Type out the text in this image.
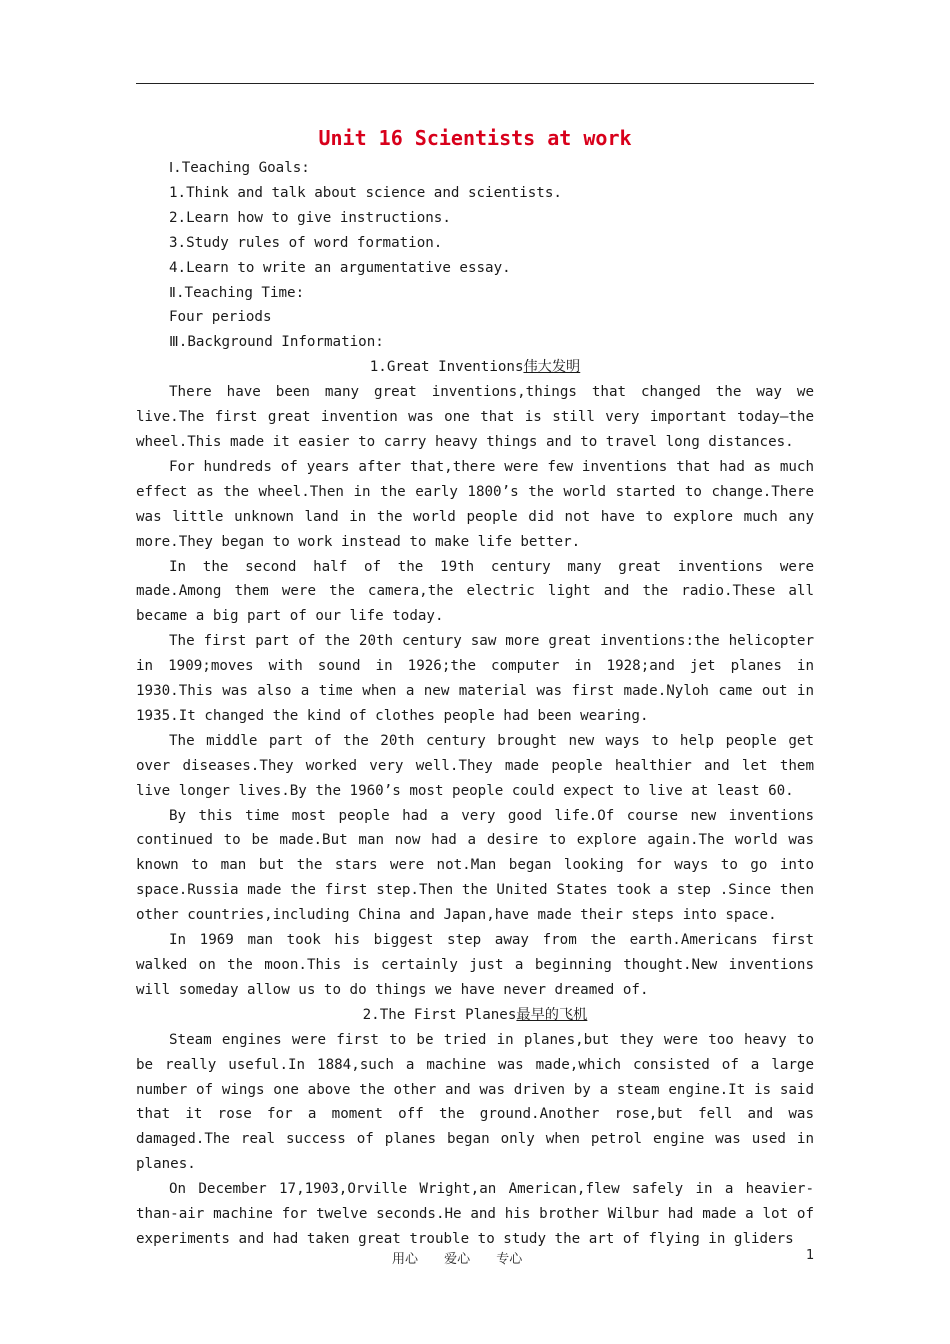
Unit 16 Scientists at work

Ⅰ.Teaching Goals:

1.Think and talk about science and scientists.

2.Learn how to give instructions.

3.Study rules of word formation.

4.Learn to write an argumentative essay.

Ⅱ.Teaching Time:

Four periods

Ⅲ.Background Information:

1.Great Inventions伟大发明

There have been many great inventions,things that changed the way we live.The first great invention was one that is still very important today—the wheel.This made it easier to carry heavy things and to travel long distances.

For hundreds of years after that,there were few inventions that had as much effect as the wheel.Then in the early 1800’s the world started to change.There was little unknown land in the world people did not have to explore much any more.They began to work instead to make life better.

In the second half of the 19th century many great inventions were made.Among them were the camera,the electric light and the radio.These all became a big part of our life today.

The first part of the 20th century saw more great inventions:the helicopter in 1909;moves with sound in 1926;the computer in 1928;and jet planes in 1930.This was also a time when a new material was first made.Nyloh came out in 1935.It changed the kind of clothes people had been wearing.

The middle part of the 20th century brought new ways to help people get over diseases.They worked very well.They made people healthier and let them live longer lives.By the 1960’s most people could expect to live at least 60.

By this time most people had a very good life.Of course new inventions continued to be made.But man now had a desire to explore again.The world was known to man but the stars were not.Man began looking for ways to go into space.Russia made the first step.Then the United States took a step .Since then other countries,including China and Japan,have made their steps into space.

In 1969 man took his biggest step away from the earth.Americans first walked on the moon.This is certainly just a beginning thought.New inventions will someday allow us to do things we have never dreamed of.

2.The First Planes最早的飞机

Steam engines were first to be tried in planes,but they were too heavy to be really useful.In 1884,such a machine was made,which consisted of a large number of wings one above the other and was driven by a steam engine.It is said that it rose for a moment off the ground.Another rose,but fell and was damaged.The real success of planes began only when petrol engine was used in planes.

On December 17,1903,Orville Wright,an American,flew safely in a heavier-than-air machine for twelve seconds.He and his brother Wilbur had made a lot of experiments and had taken great trouble to study the art of flying in gliders

用心 爱心 专心	1
